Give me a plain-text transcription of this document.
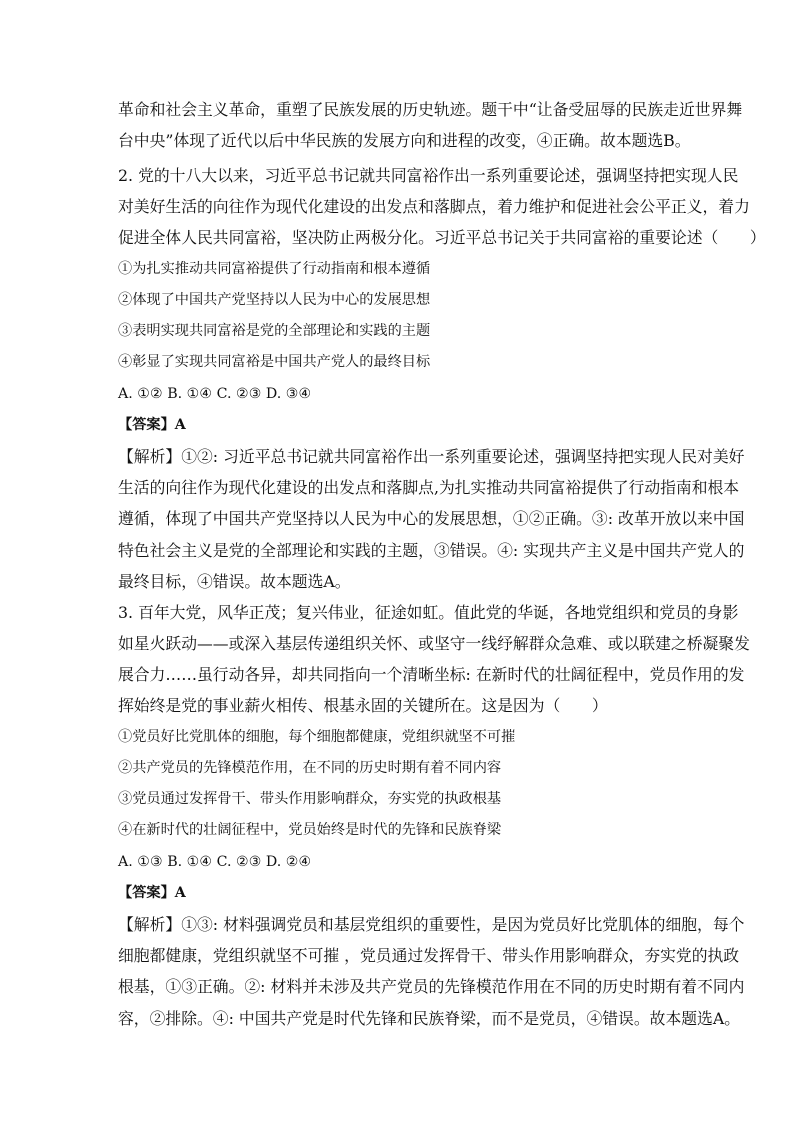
革命和社会主义革命，重塑了民族发展的历史轨迹。题干中“让备受屈辱的民族走近世界舞
台中央”体现了近代以后中华民族的发展方向和进程的改变，④正确。故本题选B。
2. 党的十八大以来，习近平总书记就共同富裕作出一系列重要论述，强调坚持把实现人民
对美好生活的向往作为现代化建设的出发点和落脚点，着力维护和促进社会公平正义，着力
促进全体人民共同富裕，坚决防止两极分化。习近平总书记关于共同富裕的重要论述（　　）
①为扎实推动共同富裕提供了行动指南和根本遵循
②体现了中国共产党坚持以人民为中心的发展思想
③表明实现共同富裕是党的全部理论和实践的主题
④彰显了实现共同富裕是中国共产党人的最终目标
A. ①② B. ①④ C. ②③ D. ③④
【答案】A
【解析】①②: 习近平总书记就共同富裕作出一系列重要论述，强调坚持把实现人民对美好
生活的向往作为现代化建设的出发点和落脚点,为扎实推动共同富裕提供了行动指南和根本
遵循，体现了中国共产党坚持以人民为中心的发展思想，①②正确。③: 改革开放以来中国
特色社会主义是党的全部理论和实践的主题，③错误。④: 实现共产主义是中国共产党人的
最终目标，④错误。故本题选A。
3. 百年大党，风华正茂；复兴伟业，征途如虹。值此党的华诞，各地党组织和党员的身影
如星火跃动——或深入基层传递组织关怀、或坚守一线纾解群众急难、或以联建之桥凝聚发
展合力……虽行动各异，却共同指向一个清晰坐标: 在新时代的壮阔征程中，党员作用的发
挥始终是党的事业薪火相传、根基永固的关键所在。这是因为（　　）
①党员好比党肌体的细胞，每个细胞都健康，党组织就坚不可摧
②共产党员的先锋模范作用，在不同的历史时期有着不同内容
③党员通过发挥骨干、带头作用影响群众，夯实党的执政根基
④在新时代的壮阔征程中，党员始终是时代的先锋和民族脊梁
A. ①③ B. ①④ C. ②③ D. ②④
【答案】A
【解析】①③: 材料强调党员和基层党组织的重要性，是因为党员好比党肌体的细胞，每个
细胞都健康，党组织就坚不可摧 ，党员通过发挥骨干、带头作用影响群众，夯实党的执政
根基，①③正确。②: 材料并未涉及共产党员的先锋模范作用在不同的历史时期有着不同内
容，②排除。④: 中国共产党是时代先锋和民族脊梁，而不是党员，④错误。故本题选A。
